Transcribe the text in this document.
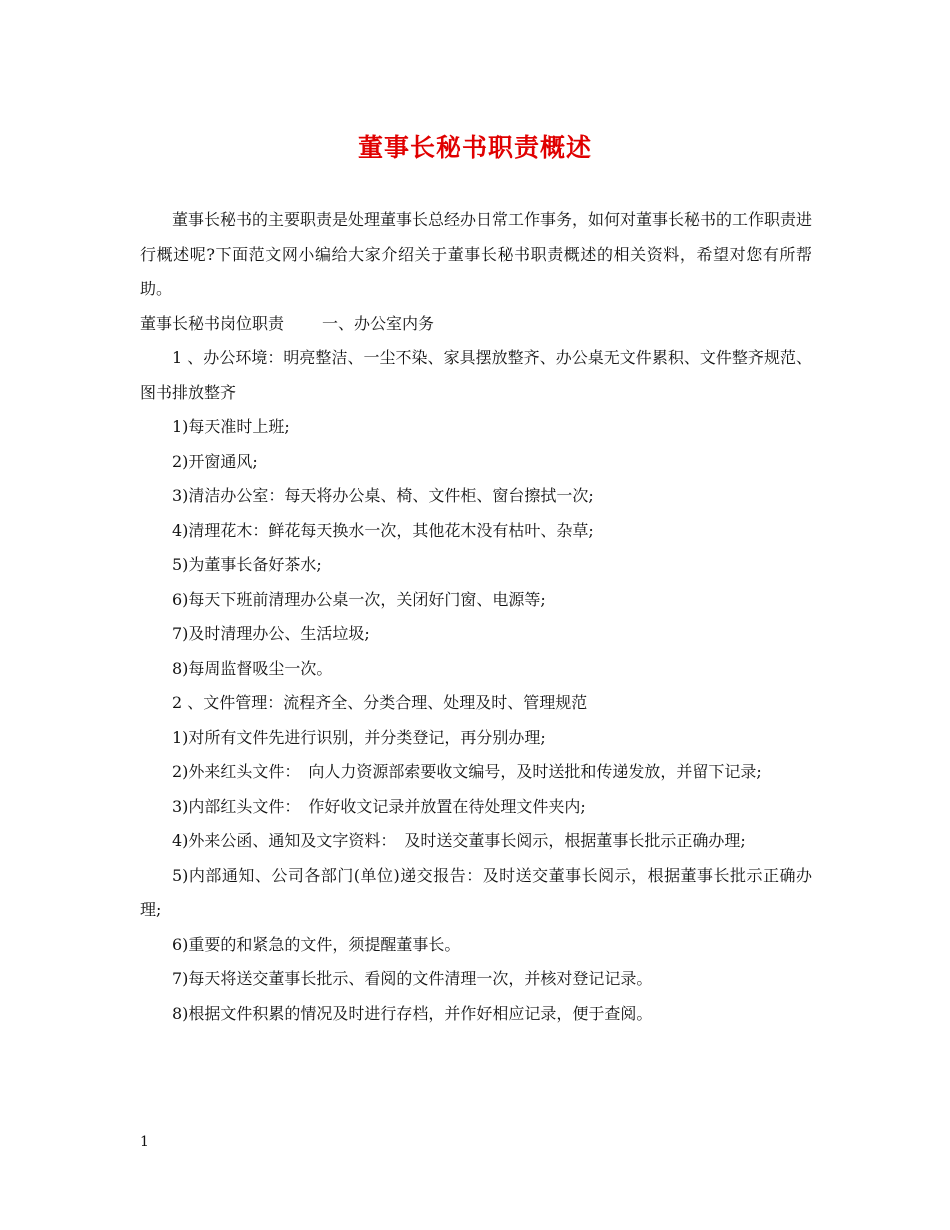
董事长秘书职责概述

董事长秘书的主要职责是处理董事长总经办日常工作事务，如何对董事长秘书的工作职责进行概述呢?下面范文网小编给大家介绍关于董事长秘书职责概述的相关资料，希望对您有所帮助。

董事长秘书岗位职责 一、办公室内务

1 、办公环境：明亮整洁、一尘不染、家具摆放整齐、办公桌无文件累积、文件整齐规范、图书排放整齐

1)每天准时上班;

2)开窗通风;

3)清洁办公室：每天将办公桌、椅、文件柜、窗台擦拭一次;

4)清理花木：鲜花每天换水一次，其他花木没有枯叶、杂草;

5)为董事长备好茶水;

6)每天下班前清理办公桌一次，关闭好门窗、电源等;

7)及时清理办公、生活垃圾;

8)每周监督吸尘一次。

2 、文件管理：流程齐全、分类合理、处理及时、管理规范

1)对所有文件先进行识别，并分类登记，再分别办理;

2)外来红头文件：　向人力资源部索要收文编号，及时送批和传递发放，并留下记录;

3)内部红头文件：　作好收文记录并放置在待处理文件夹内;

4)外来公函、通知及文字资料：　及时送交董事长阅示，根据董事长批示正确办理;

5)内部通知、公司各部门(单位)递交报告：及时送交董事长阅示，根据董事长批示正确办理;

6)重要的和紧急的文件，须提醒董事长。

7)每天将送交董事长批示、看阅的文件清理一次，并核对登记记录。

8)根据文件积累的情况及时进行存档，并作好相应记录，便于查阅。

1
